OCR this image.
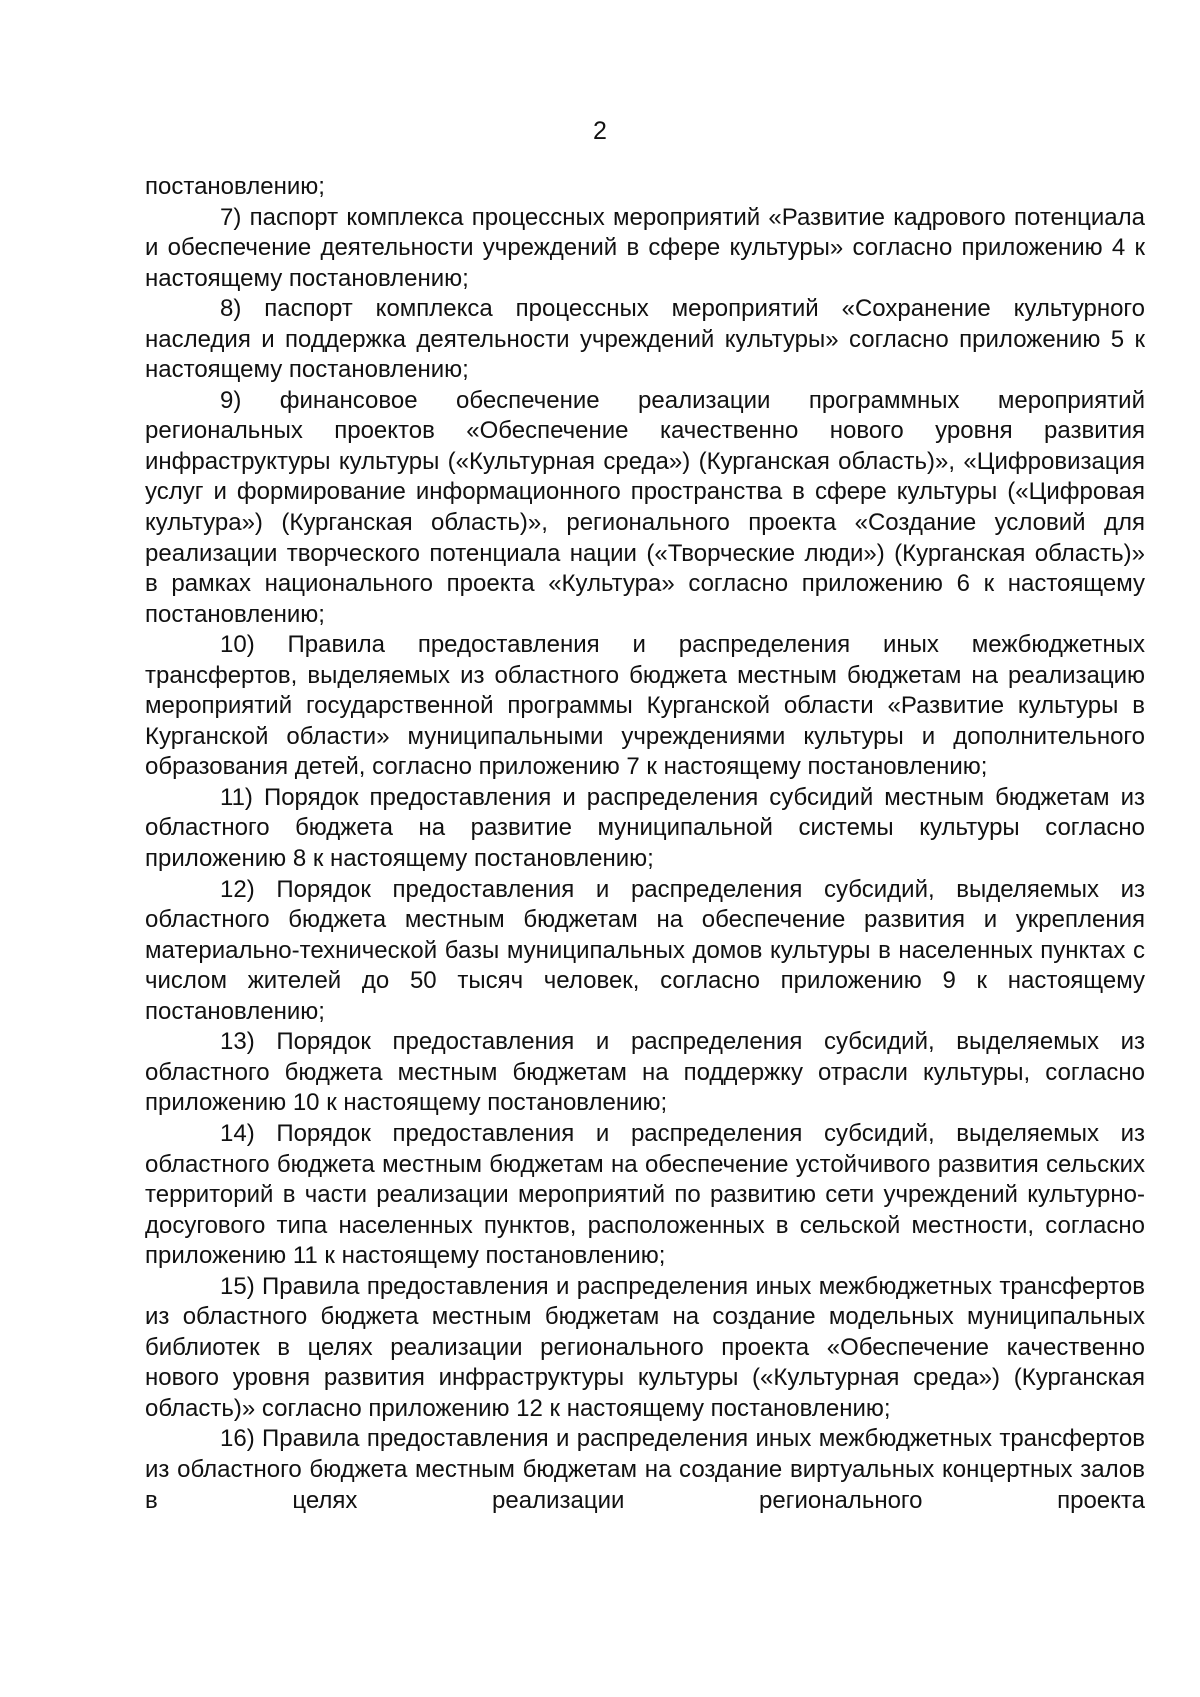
2

постановлению;

7) паспорт комплекса процессных мероприятий «Развитие кадрового потенциала и обеспечение деятельности учреждений в сфере культуры» согласно приложению 4 к настоящему постановлению;

8) паспорт комплекса процессных мероприятий «Сохранение культурного наследия и поддержка деятельности учреждений культуры» согласно приложению 5 к настоящему постановлению;

9) финансовое обеспечение реализации программных мероприятий региональных проектов «Обеспечение качественно нового уровня развития инфраструктуры культуры («Культурная среда») (Курганская область)», «Цифровизация услуг и формирование информационного пространства в сфере культуры («Цифровая культура») (Курганская область)», регионального проекта «Создание условий для реализации творческого потенциала нации («Творческие люди») (Курганская область)» в рамках национального проекта «Культура» согласно приложению 6 к настоящему постановлению;

10) Правила предоставления и распределения иных межбюджетных трансфертов, выделяемых из областного бюджета местным бюджетам на реализацию мероприятий государственной программы Курганской области «Развитие культуры в Курганской области» муниципальными учреждениями культуры и дополнительного образования детей, согласно приложению 7 к настоящему постановлению;

11) Порядок предоставления и распределения субсидий местным бюджетам из областного бюджета на развитие муниципальной системы культуры согласно приложению 8 к настоящему постановлению;

12) Порядок предоставления и распределения субсидий, выделяемых из областного бюджета местным бюджетам на обеспечение развития и укрепления материально-технической базы муниципальных домов культуры в населенных пунктах с числом жителей до 50 тысяч человек, согласно приложению 9 к настоящему постановлению;

13) Порядок предоставления и распределения субсидий, выделяемых из областного бюджета местным бюджетам на поддержку отрасли культуры, согласно приложению 10 к настоящему постановлению;

14) Порядок предоставления и распределения субсидий, выделяемых из областного бюджета местным бюджетам на обеспечение устойчивого развития сельских территорий в части реализации мероприятий по развитию сети учреждений культурно-досугового типа населенных пунктов, расположенных в сельской местности, согласно приложению 11 к настоящему постановлению;

15) Правила предоставления и распределения иных межбюджетных трансфертов из областного бюджета местным бюджетам на создание модельных муниципальных библиотек в целях реализации регионального проекта «Обеспечение качественно нового уровня развития инфраструктуры культуры («Культурная среда») (Курганская область)» согласно приложению 12 к настоящему постановлению;

16) Правила предоставления и распределения иных межбюджетных трансфертов из областного бюджета местным бюджетам на создание виртуальных концертных залов в целях реализации регионального проекта
